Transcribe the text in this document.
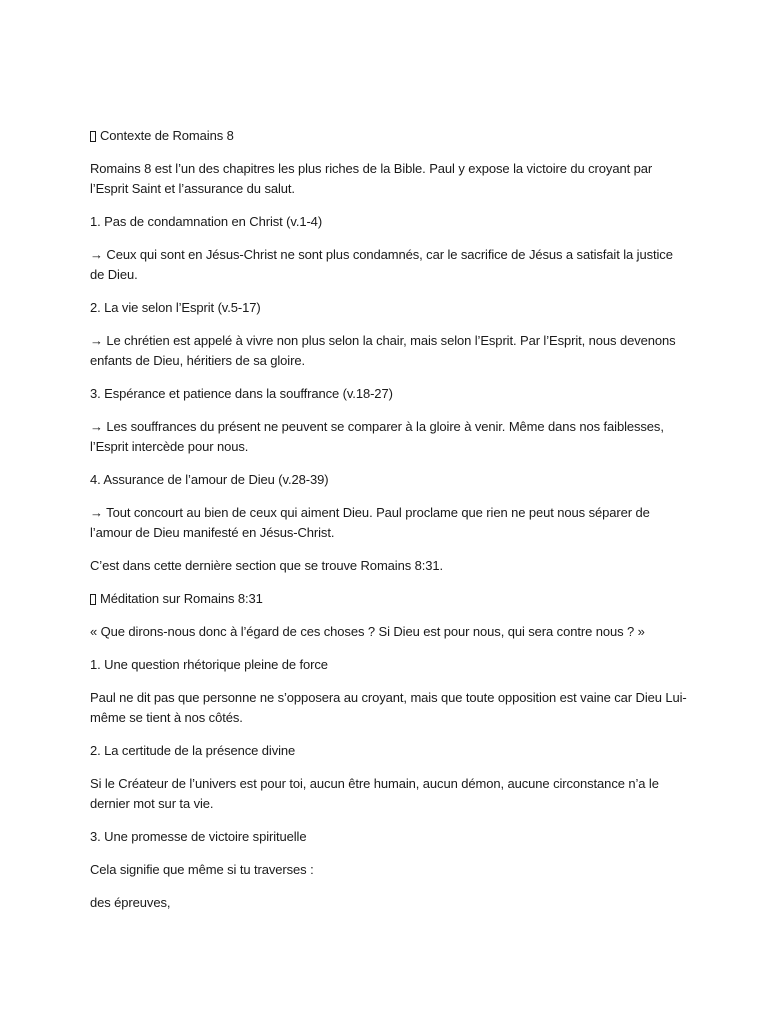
Contexte de Romains 8

Romains 8 est l’un des chapitres les plus riches de la Bible. Paul y expose la victoire du croyant par l’Esprit Saint et l’assurance du salut.

1. Pas de condamnation en Christ (v.1-4)

→ Ceux qui sont en Jésus-Christ ne sont plus condamnés, car le sacrifice de Jésus a satisfait la justice de Dieu.

2. La vie selon l’Esprit (v.5-17)

→ Le chrétien est appelé à vivre non plus selon la chair, mais selon l’Esprit. Par l’Esprit, nous devenons enfants de Dieu, héritiers de sa gloire.

3. Espérance et patience dans la souffrance (v.18-27)

→ Les souffrances du présent ne peuvent se comparer à la gloire à venir. Même dans nos faiblesses, l’Esprit intercède pour nous.

4. Assurance de l’amour de Dieu (v.28-39)

→ Tout concourt au bien de ceux qui aiment Dieu. Paul proclame que rien ne peut nous séparer de l’amour de Dieu manifesté en Jésus-Christ.

C’est dans cette dernière section que se trouve Romains 8:31.

Méditation sur Romains 8:31

« Que dirons-nous donc à l’égard de ces choses ? Si Dieu est pour nous, qui sera contre nous ? »

1. Une question rhétorique pleine de force

Paul ne dit pas que personne ne s’opposera au croyant, mais que toute opposition est vaine car Dieu Lui-même se tient à nos côtés.

2. La certitude de la présence divine

Si le Créateur de l’univers est pour toi, aucun être humain, aucun démon, aucune circonstance n’a le dernier mot sur ta vie.

3. Une promesse de victoire spirituelle

Cela signifie que même si tu traverses :

des épreuves,
